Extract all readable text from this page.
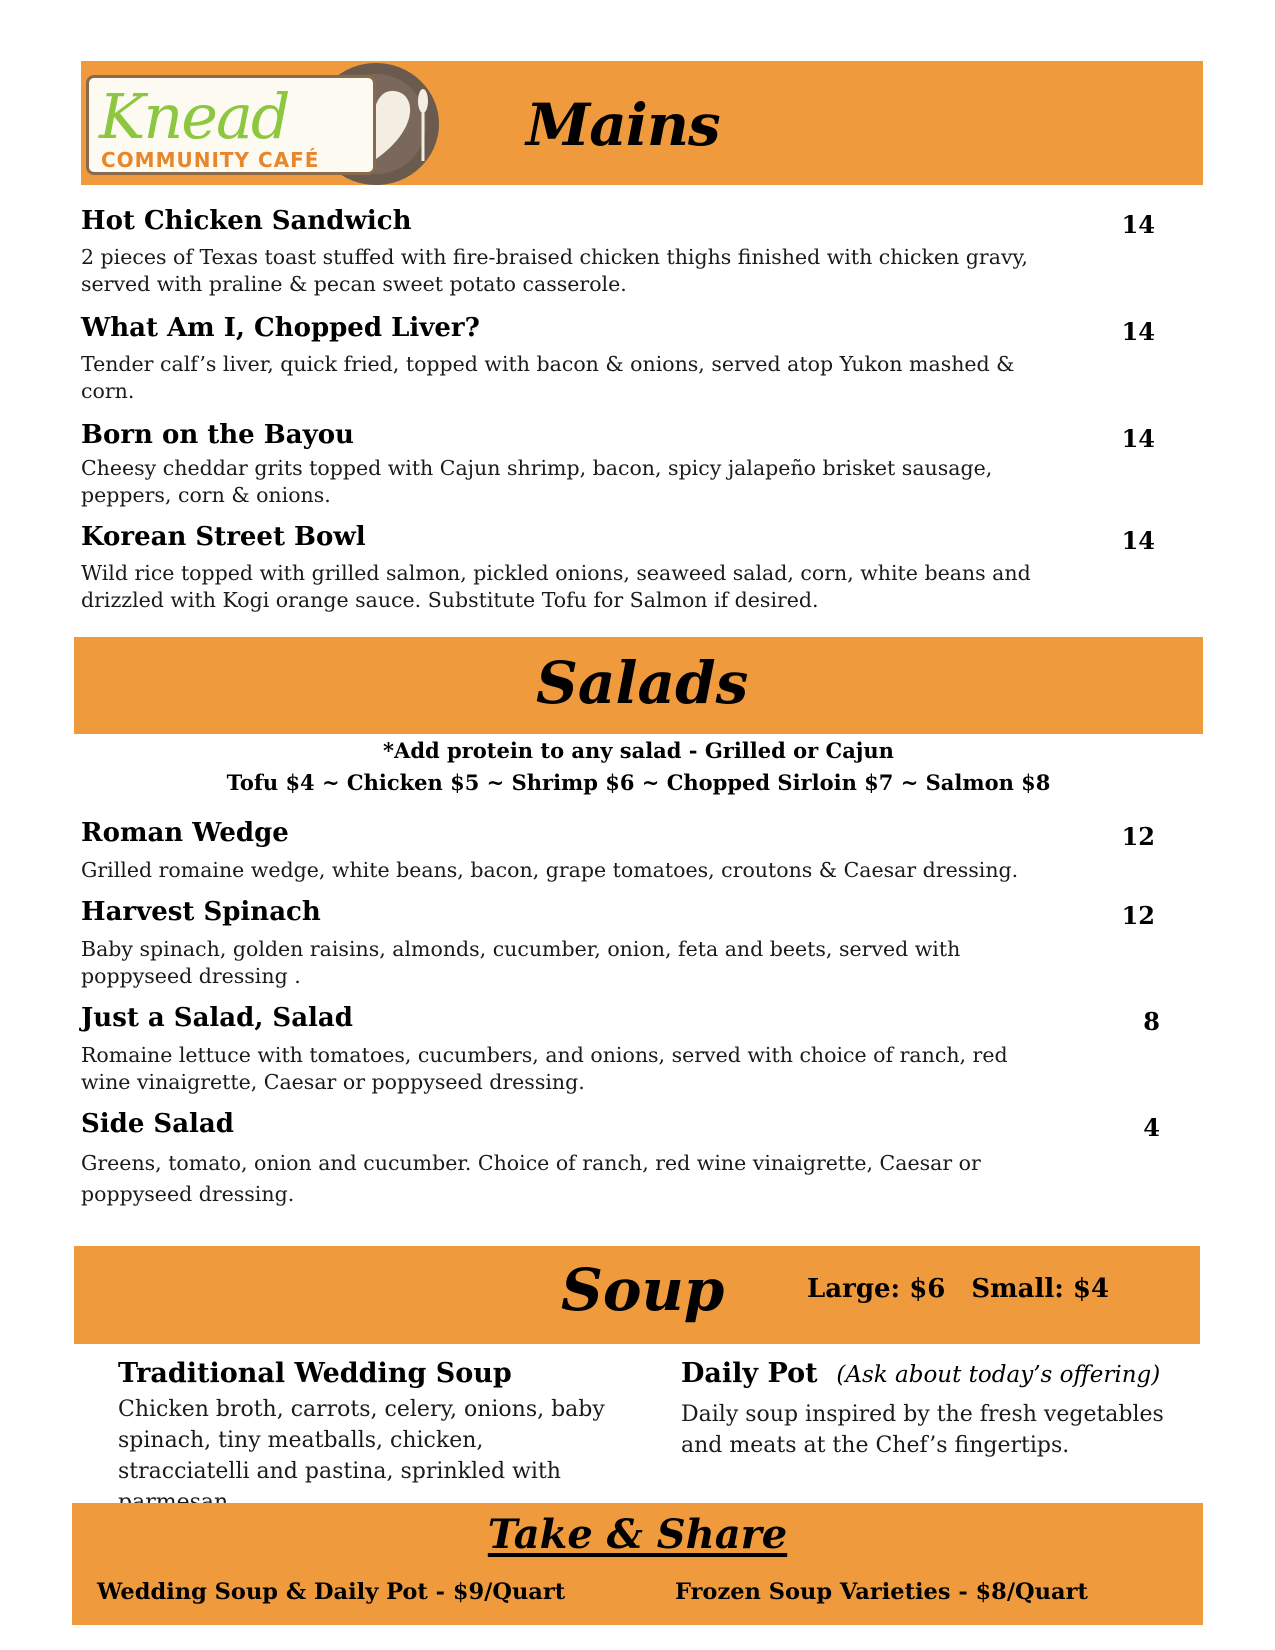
Knead
COMMUNITY CAFÉ
Mains
Hot Chicken Sandwich	14
2 pieces of Texas toast stuffed with fire-braised chicken thighs finished with chicken gravy, served with praline & pecan sweet potato casserole.
What Am I, Chopped Liver?	14
Tender calf’s liver, quick fried, topped with bacon & onions, served atop Yukon mashed & corn.
Born on the Bayou	14
Cheesy cheddar grits topped with Cajun shrimp, bacon, spicy jalapeño brisket sausage, peppers, corn & onions.
Korean Street Bowl	14
Wild rice topped with grilled salmon, pickled onions, seaweed salad, corn, white beans and drizzled with Kogi orange sauce. Substitute Tofu for Salmon if desired.
Salads
*Add protein to any salad - Grilled or Cajun
Tofu $4 ~ Chicken $5 ~ Shrimp $6 ~ Chopped Sirloin $7 ~ Salmon $8
Roman Wedge	12
Grilled romaine wedge, white beans, bacon, grape tomatoes, croutons & Caesar dressing.
Harvest Spinach	12
Baby spinach, golden raisins, almonds, cucumber, onion, feta and beets, served with poppyseed dressing .
Just a Salad, Salad	8
Romaine lettuce with tomatoes, cucumbers, and onions, served with choice of ranch, red wine vinaigrette, Caesar or poppyseed dressing.
Side Salad	4
Greens, tomato, onion and cucumber. Choice of ranch, red wine vinaigrette, Caesar or poppyseed dressing.
Soup	Large: $6 Small: $4
Traditional Wedding Soup
Chicken broth, carrots, celery, onions, baby spinach, tiny meatballs, chicken, stracciatelli and pastina, sprinkled with
Daily Pot (Ask about today’s offering)
Daily soup inspired by the fresh vegetables and meats at the Chef’s fingertips.
Take & Share
Wedding Soup & Daily Pot - $9/Quart	Frozen Soup Varieties - $8/Quart
